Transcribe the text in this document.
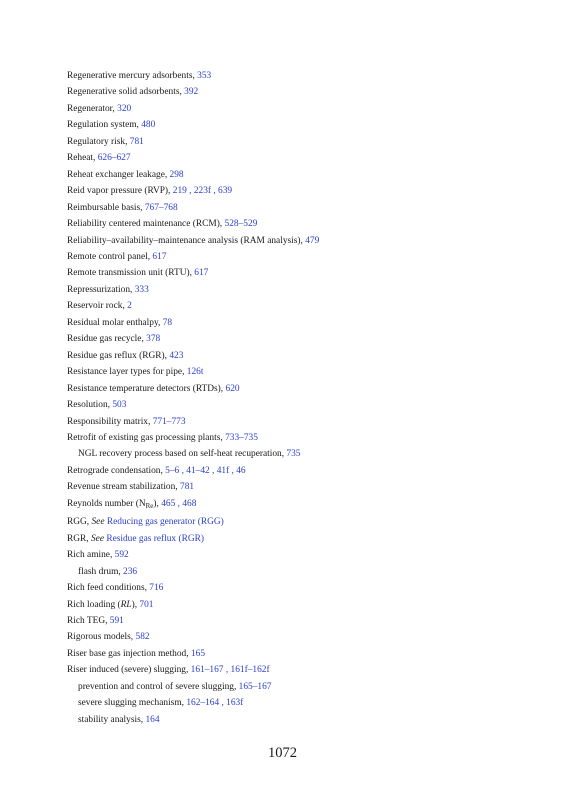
Regenerative mercury adsorbents, 353
Regenerative solid adsorbents, 392
Regenerator, 320
Regulation system, 480
Regulatory risk, 781
Reheat, 626–627
Reheat exchanger leakage, 298
Reid vapor pressure (RVP), 219 , 223f , 639
Reimbursable basis, 767–768
Reliability centered maintenance (RCM), 528–529
Reliability–availability–maintenance analysis (RAM analysis), 479
Remote control panel, 617
Remote transmission unit (RTU), 617
Repressurization, 333
Reservoir rock, 2
Residual molar enthalpy, 78
Residue gas recycle, 378
Residue gas reflux (RGR), 423
Resistance layer types for pipe, 126t
Resistance temperature detectors (RTDs), 620
Resolution, 503
Responsibility matrix, 771–773
Retrofit of existing gas processing plants, 733–735
NGL recovery process based on self-heat recuperation, 735
Retrograde condensation, 5–6 , 41–42 , 41f , 46
Revenue stream stabilization, 781
Reynolds number $(N_{Re})$, 465 , 468
RGG, See Reducing gas generator (RGG)
RGR, See Residue gas reflux (RGR)
Rich amine, 592
flash drum, 236
Rich feed conditions, 716
Rich loading (RL), 701
Rich TEG, 591
Rigorous models, 582
Riser base gas injection method, 165
Riser induced (severe) slugging, 161–167 , 161f–162f
prevention and control of severe slugging, 165–167
severe slugging mechanism, 162–164 , 163f
stability analysis, 164
1072
